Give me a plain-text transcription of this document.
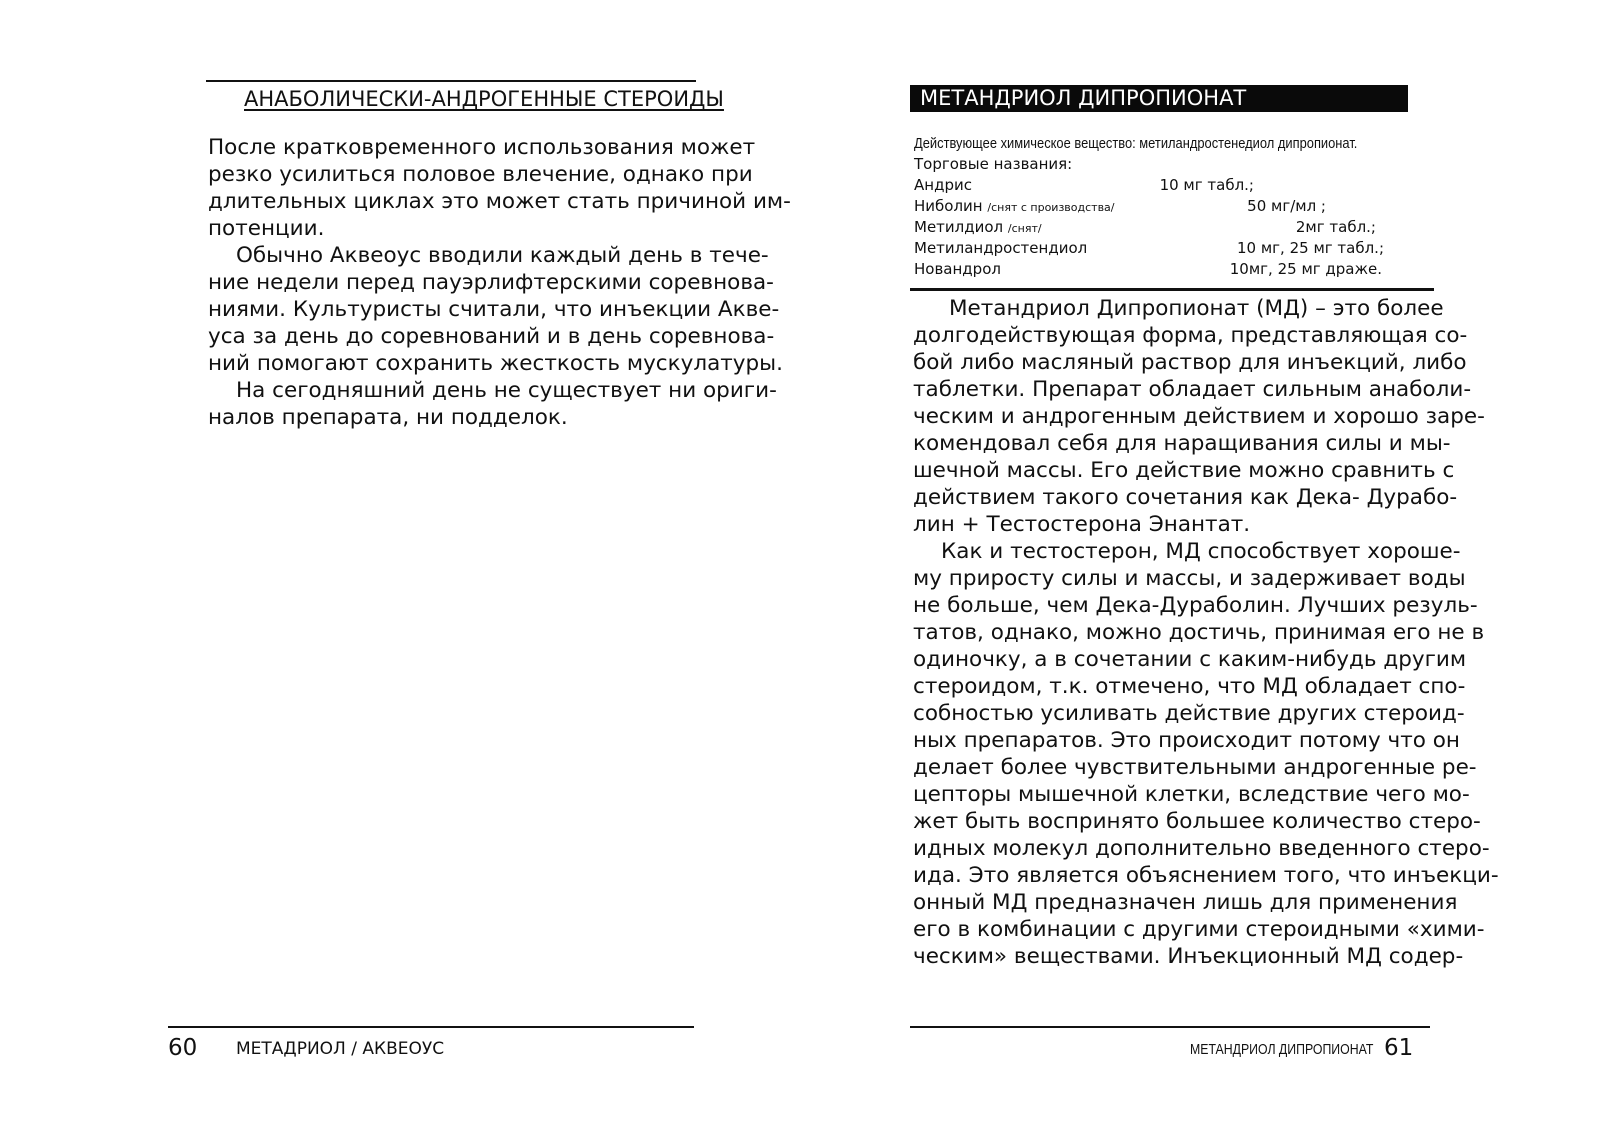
АНАБОЛИЧЕСКИ-АНДРОГЕННЫЕ СТЕРОИДЫ

После кратковременного использования может

резко усилиться половое влечение, однако при

длительных циклах это может стать причиной им-

потенции.

Обычно Аквеоус вводили каждый день в тече-

ние недели перед пауэрлифтерскими соревнова-

ниями. Культуристы считали, что инъекции Акве-

уса за день до соревнований и в день соревнова-

ний помогают сохранить жесткость мускулатуры.

На сегодняшний день не существует ни ориги-

налов препарата, ни подделок.

60 МЕТАДРИОЛ / АКВЕОУС
МЕТАНДРИОЛ ДИПРОПИОНАТ
Действующее химическое вещество: метиландростенедиол дипропионат.
Торговые названия:
Андрис	10 мг табл.;
Ниболин /снят с производства/	50 мг/мл ;
Метилдиол /снят/	2мг табл.;
Метиландростендиол	10 мг, 25 мг табл.;
Новандрол	10мг, 25 мг драже.

Метандриол Дипропионат (МД) – это более

долгодействующая форма, представляющая со-

бой либо масляный раствор для инъекций, либо

таблетки. Препарат обладает сильным анаболи-

ческим и андрогенным действием и хорошо заре-

комендовал себя для наращивания силы и мы-

шечной массы. Его действие можно сравнить с

действием такого сочетания как Дека- Дурабо-

лин + Тестостерона Энантат.

Как и тестостерон, МД способствует хороше-

му приросту силы и массы, и задерживает воды

не больше, чем Дека-Дураболин. Лучших резуль-

татов, однако, можно достичь, принимая его не в

одиночку, а в сочетании с каким-нибудь другим

стероидом, т.к. отмечено, что МД обладает спо-

собностью усиливать действие других стероид-

ных препаратов. Это происходит потому что он

делает более чувствительными андрогенные ре-

цепторы мышечной клетки, вследствие чего мо-

жет быть воспринято большее количество стеро-

идных молекул дополнительно введенного стеро-

ида. Это является объяснением того, что инъекци-

онный МД предназначен лишь для применения

его в комбинации с другими стероидными «хими-

ческим» веществами. Инъекционный МД содер-

МЕТАНДРИОЛ ДИПРОПИОНАТ 61
